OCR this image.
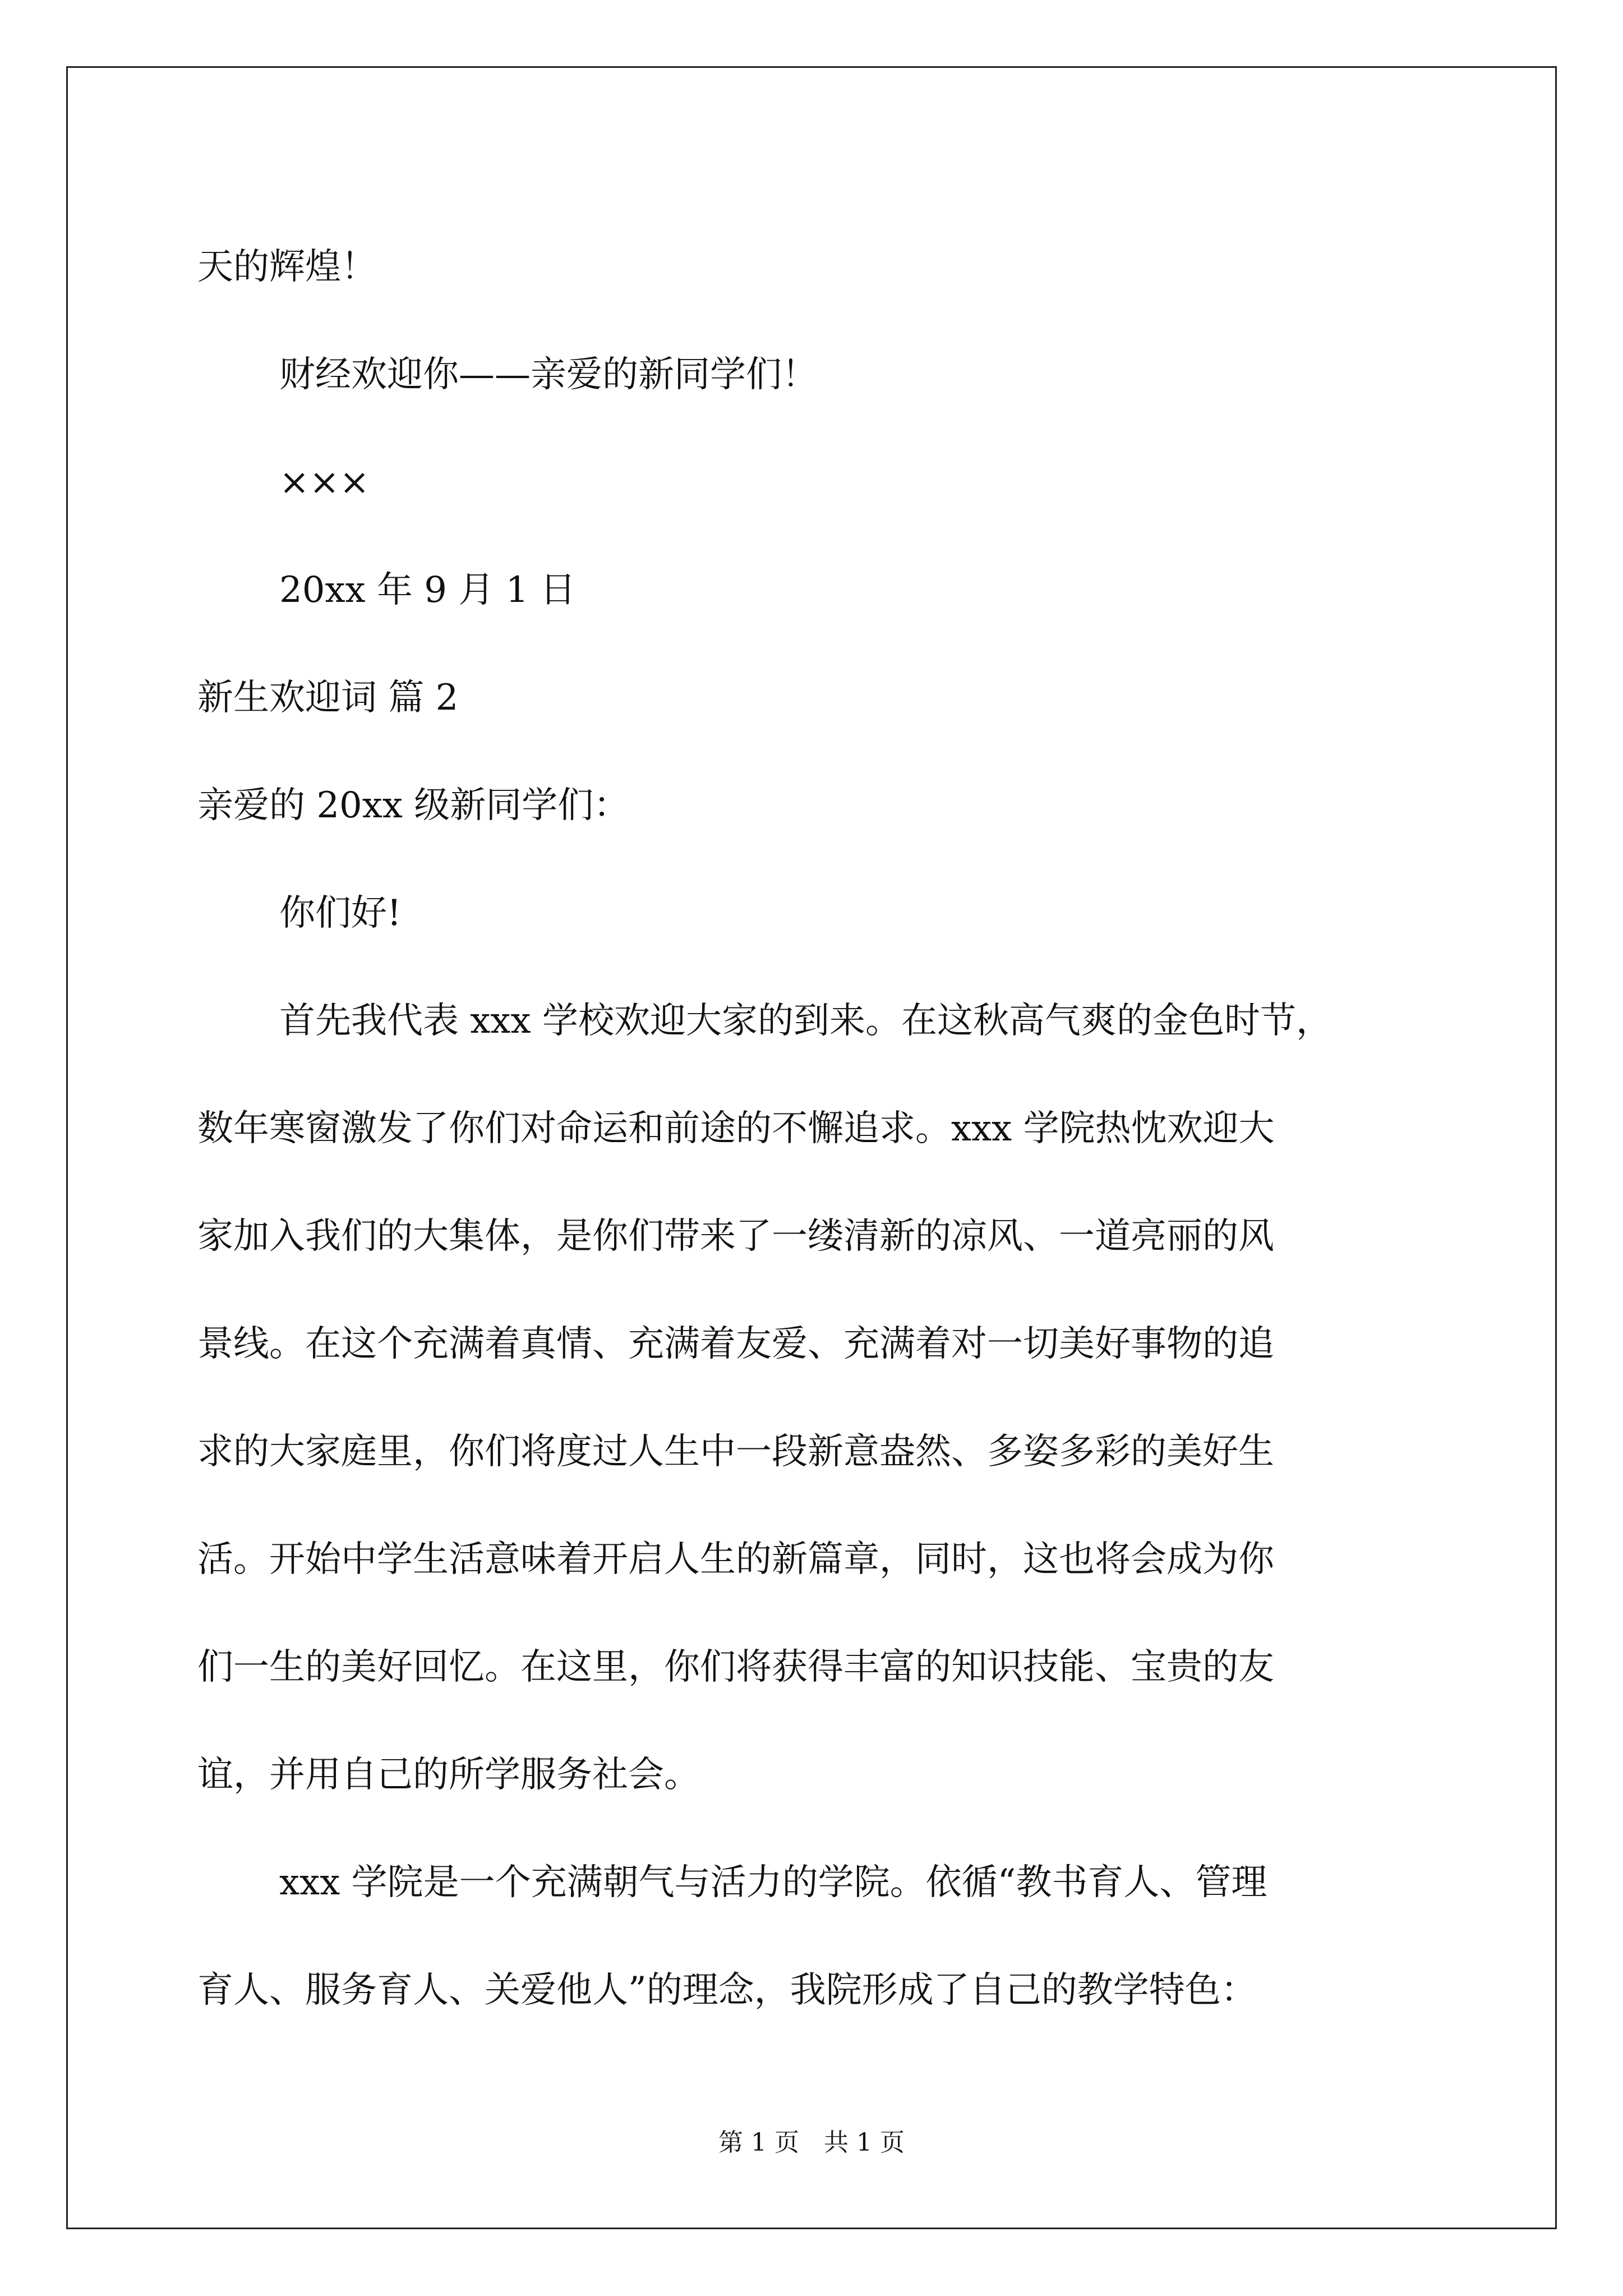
天的辉煌！

财经欢迎你——亲爱的新同学们！

×××

20xx 年 9 月 1 日

新生欢迎词 篇 2

亲爱的 20xx 级新同学们：

你们好!

首先我代表 xxx 学校欢迎大家的到来。在这秋高气爽的金色时节，

数年寒窗激发了你们对命运和前途的不懈追求。xxx 学院热忱欢迎大

家加入我们的大集体，是你们带来了一缕清新的凉风、一道亮丽的风

景线。在这个充满着真情、充满着友爱、充满着对一切美好事物的追

求的大家庭里，你们将度过人生中一段新意盎然、多姿多彩的美好生

活。开始中学生活意味着开启人生的新篇章，同时，这也将会成为你

们一生的美好回忆。在这里，你们将获得丰富的知识技能、宝贵的友

谊，并用自己的所学服务社会。

xxx 学院是一个充满朝气与活力的学院。依循“教书育人、管理

育人、服务育人、关爱他人”的理念，我院形成了自己的教学特色：

第 1 页　共 1 页
